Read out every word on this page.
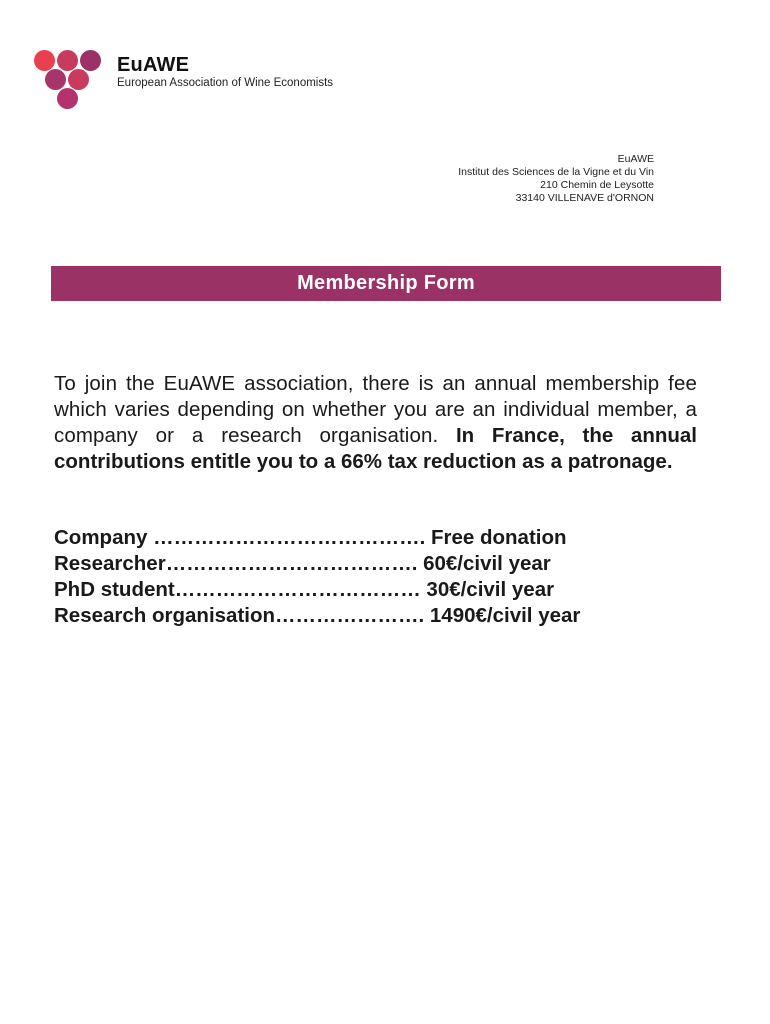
EuAWE
European Association of Wine Economists
EuAWE
Institut des Sciences de la Vigne et du Vin
210 Chemin de Leysotte
33140 VILLENAVE d'ORNON
Membership Form
To join the EuAWE association, there is an annual membership fee which varies depending on whether you are an individual member, a company or a research organisation. In France, the annual contributions entitle you to a 66% tax reduction as a patronage.
Company …………………………………. Free donation
Researcher………………………………. 60€/civil year
PhD student……………………………… 30€/civil year
Research organisation…………………. 1490€/civil year
